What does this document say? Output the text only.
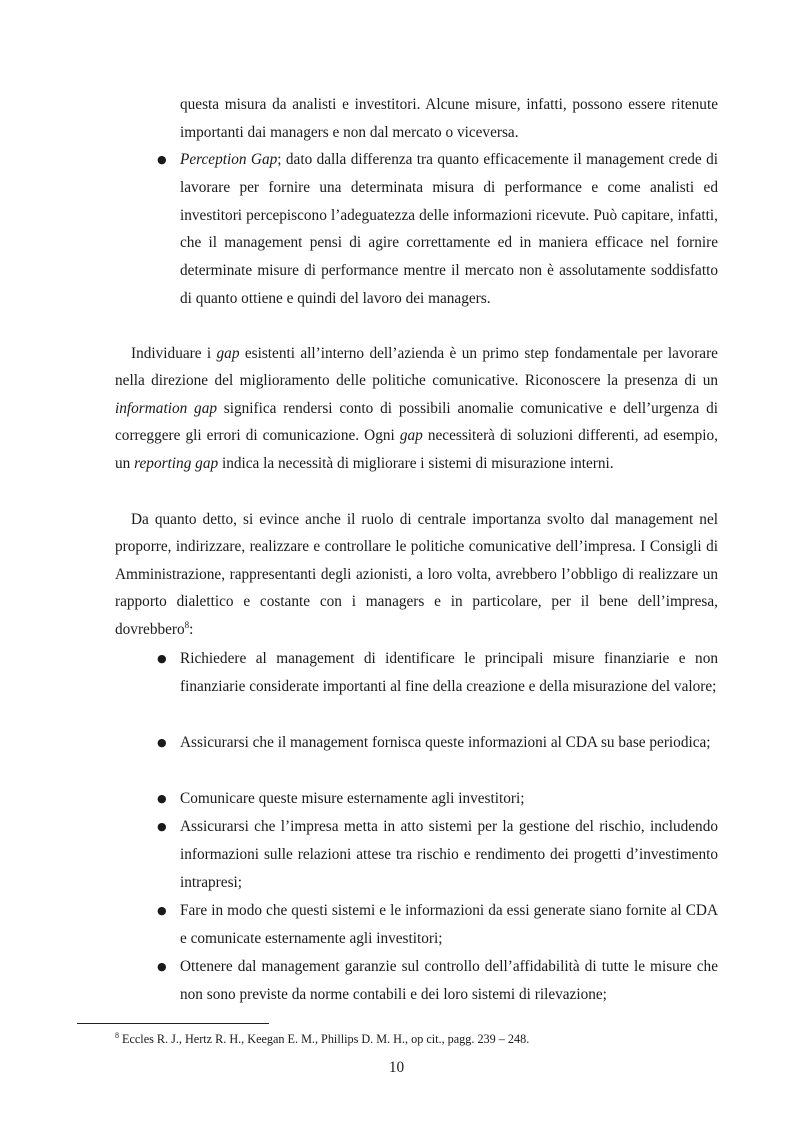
questa misura da analisti e investitori. Alcune misure, infatti, possono essere ritenute importanti dai managers e non dal mercato o viceversa.

● Perception Gap; dato dalla differenza tra quanto efficacemente il management crede di lavorare per fornire una determinata misura di performance e come analisti ed investitori percepiscono l’adeguatezza delle informazioni ricevute. Può capitare, infatti, che il management pensi di agire correttamente ed in maniera efficace nel fornire determinate misure di performance mentre il mercato non è assolutamente soddisfatto di quanto ottiene e quindi del lavoro dei managers.

Individuare i gap esistenti all’interno dell’azienda è un primo step fondamentale per lavorare nella direzione del miglioramento delle politiche comunicative. Riconoscere la presenza di un information gap significa rendersi conto di possibili anomalie comunicative e dell’urgenza di correggere gli errori di comunicazione. Ogni gap necessiterà di soluzioni differenti, ad esempio, un reporting gap indica la necessità di migliorare i sistemi di misurazione interni.

Da quanto detto, si evince anche il ruolo di centrale importanza svolto dal management nel proporre, indirizzare, realizzare e controllare le politiche comunicative dell’impresa. I Consigli di Amministrazione, rappresentanti degli azionisti, a loro volta, avrebbero l’obbligo di realizzare un rapporto dialettico e costante con i managers e in particolare, per il bene dell’impresa, dovrebbero$^8$:

● Richiedere al management di identificare le principali misure finanziarie e non finanziarie considerate importanti al fine della creazione e della misurazione del valore;

● Assicurarsi che il management fornisca queste informazioni al CDA su base periodica;

● Comunicare queste misure esternamente agli investitori;

● Assicurarsi che l’impresa metta in atto sistemi per la gestione del rischio, includendo informazioni sulle relazioni attese tra rischio e rendimento dei progetti d’investimento intrapresi;

● Fare in modo che questi sistemi e le informazioni da essi generate siano fornite al CDA e comunicate esternamente agli investitori;

● Ottenere dal management garanzie sul controllo dell’affidabilità di tutte le misure che non sono previste da norme contabili e dei loro sistemi di rilevazione;

$^8$ Eccles R. J., Hertz R. H., Keegan E. M., Phillips D. M. H., op cit., pagg. 239 – 248.

10
